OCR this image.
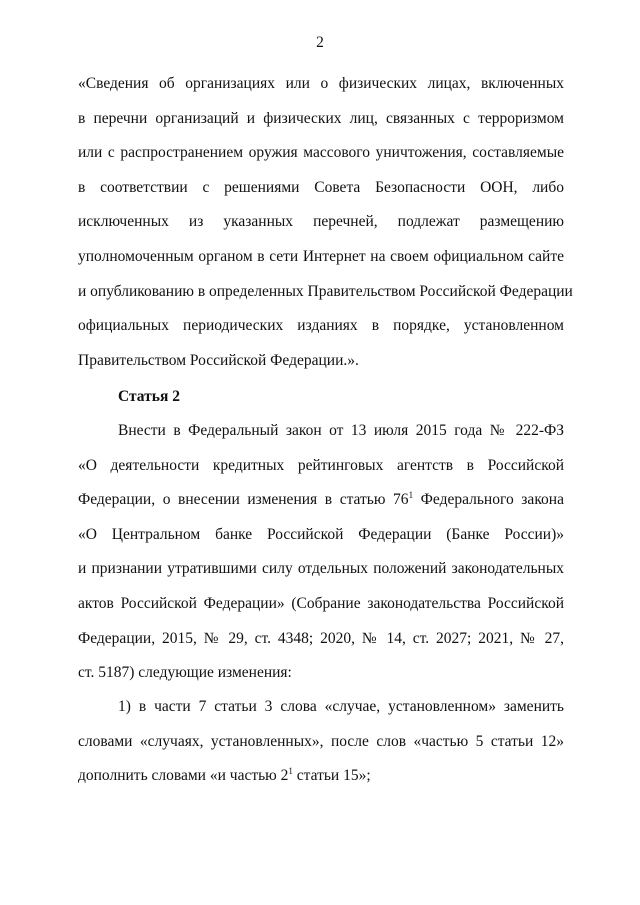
2
«Сведения об организациях или о физических лицах, включенных
в перечни организаций и физических лиц, связанных с терроризмом
или с распространением оружия массового уничтожения, составляемые
в соответствии с решениями Совета Безопасности ООН, либо
исключенных из указанных перечней, подлежат размещению
уполномоченным органом в сети Интернет на своем официальном сайте
и опубликованию в определенных Правительством Российской Федерации
официальных периодических изданиях в порядке, установленном
Правительством Российской Федерации.».

Статья 2

Внести в Федеральный закон от 13 июля 2015 года № 222-ФЗ
«О деятельности кредитных рейтинговых агентств в Российской
Федерации, о внесении изменения в статью $76^1$ Федерального закона
«О Центральном банке Российской Федерации (Банке России)»
и признании утратившими силу отдельных положений законодательных
актов Российской Федерации» (Собрание законодательства Российской
Федерации, 2015, № 29, ст. 4348; 2020, № 14, ст. 2027; 2021, № 27,
ст. 5187) следующие изменения:
1) в части 7 статьи 3 слова «случае, установленном» заменить
словами «случаях, установленных», после слов «частью 5 статьи 12»
дополнить словами «и частью $2^1$ статьи 15»;
